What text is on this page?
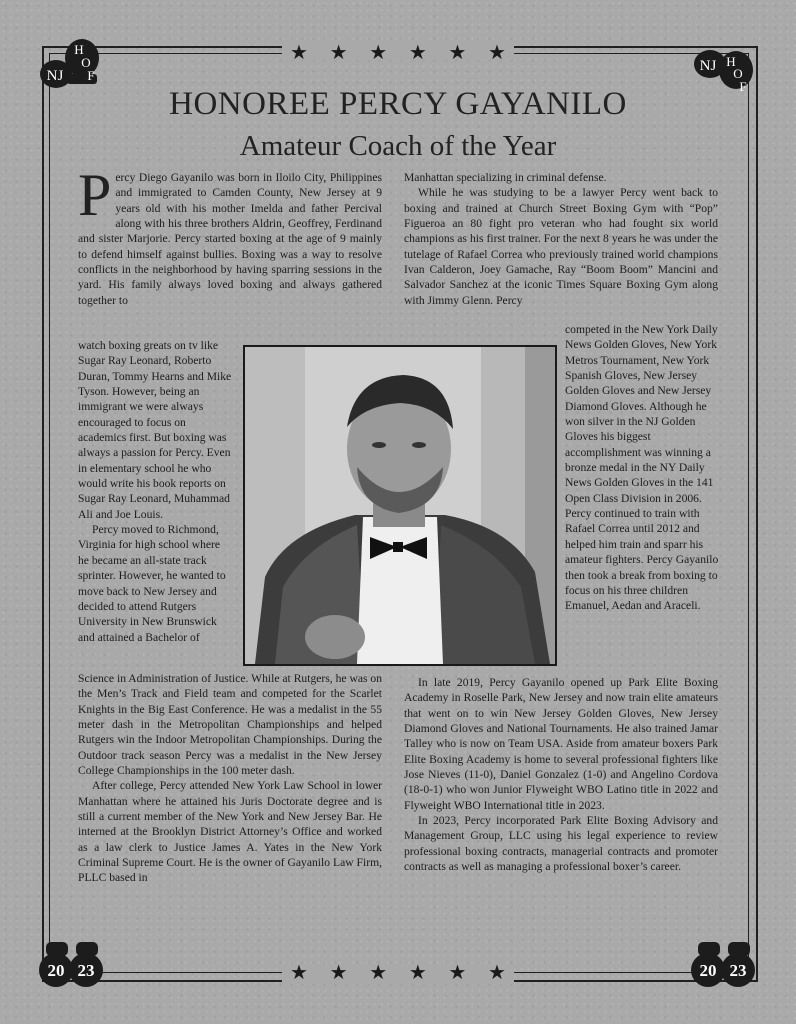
★ ★ ★ ★ ★ ★
★ ★ ★ ★ ★ ★
NJ
H
O
F
NJ H
O
F
20 23	20 23
HONOREE PERCY GAYANILO
Amateur Coach of the Year

Percy Diego Gayanilo was born in Iloilo City, Philippines and immigrated to Camden County, New Jersey at 9 years old with his mother Imelda and father Percival along with his three brothers Aldrin, Geoffrey, Ferdinand and sister Marjorie. Percy started boxing at the age of 9 mainly to defend himself against bullies. Boxing was a way to resolve conflicts in the neighborhood by having sparring sessions in the yard. His family always loved boxing and always gathered together to

watch boxing greats on tv like Sugar Ray Leonard, Roberto Duran, Tommy Hearns and Mike Tyson. However, being an immigrant we were always encouraged to focus on academics first. But boxing was always a passion for Percy. Even in elementary school he who would write his book reports on Sugar Ray Leonard, Muhammad Ali and Joe Louis.

Percy moved to Richmond, Virginia for high school where he became an all-state track sprinter. However, he wanted to move back to New Jersey and decided to attend Rutgers University in New Brunswick and attained a Bachelor of

Science in Administration of Justice. While at Rutgers, he was on the Men’s Track and Field team and competed for the Scarlet Knights in the Big East Conference. He was a medalist in the 55 meter dash in the Metropolitan Championships and helped Rutgers win the Indoor Metropolitan Championships. During the Outdoor track season Percy was a medalist in the New Jersey College Championships in the 100 meter dash.

After college, Percy attended New York Law School in lower Manhattan where he attained his Juris Doctorate degree and is still a current member of the New York and New Jersey Bar. He interned at the Brooklyn District Attorney’s Office and worked as a law clerk to Justice James A. Yates in the New York Criminal Supreme Court. He is the owner of Gayanilo Law Firm, PLLC based in

Manhattan specializing in criminal defense.

While he was studying to be a lawyer Percy went back to boxing and trained at Church Street Boxing Gym with “Pop” Figueroa an 80 fight pro veteran who had fought six world champions as his first trainer. For the next 8 years he was under the tutelage of Rafael Correa who previously trained world champions Ivan Calderon, Joey Gamache, Ray “Boom Boom” Mancini and Salvador Sanchez at the iconic Times Square Boxing Gym along with Jimmy Glenn. Percy

competed in the New York Daily News Golden Gloves, New York Metros Tournament, New York Spanish Gloves, New Jersey Golden Gloves and New Jersey Diamond Gloves. Although he won silver in the NJ Golden Gloves his biggest accomplishment was winning a bronze medal in the NY Daily News Golden Gloves in the 141 Open Class Division in 2006. Percy continued to train with Rafael Correa until 2012 and helped him train and sparr his amateur fighters. Percy Gayanilo then took a break from boxing to focus on his three children Emanuel, Aedan and Araceli.

In late 2019, Percy Gayanilo opened up Park Elite Boxing Academy in Roselle Park, New Jersey and now train elite amateurs that went on to win New Jersey Golden Gloves, New Jersey Diamond Gloves and National Tournaments. He also trained Jamar Talley who is now on Team USA. Aside from amateur boxers Park Elite Boxing Academy is home to several professional fighters like Jose Nieves (11-0), Daniel Gonzalez (1-0) and Angelino Cordova (18-0-1) who won Junior Flyweight WBO Latino title in 2022 and Flyweight WBO International title in 2023.

In 2023, Percy incorporated Park Elite Boxing Advisory and Management Group, LLC using his legal experience to review professional boxing contracts, managerial contracts and promoter contracts as well as managing a professional boxer’s career.
